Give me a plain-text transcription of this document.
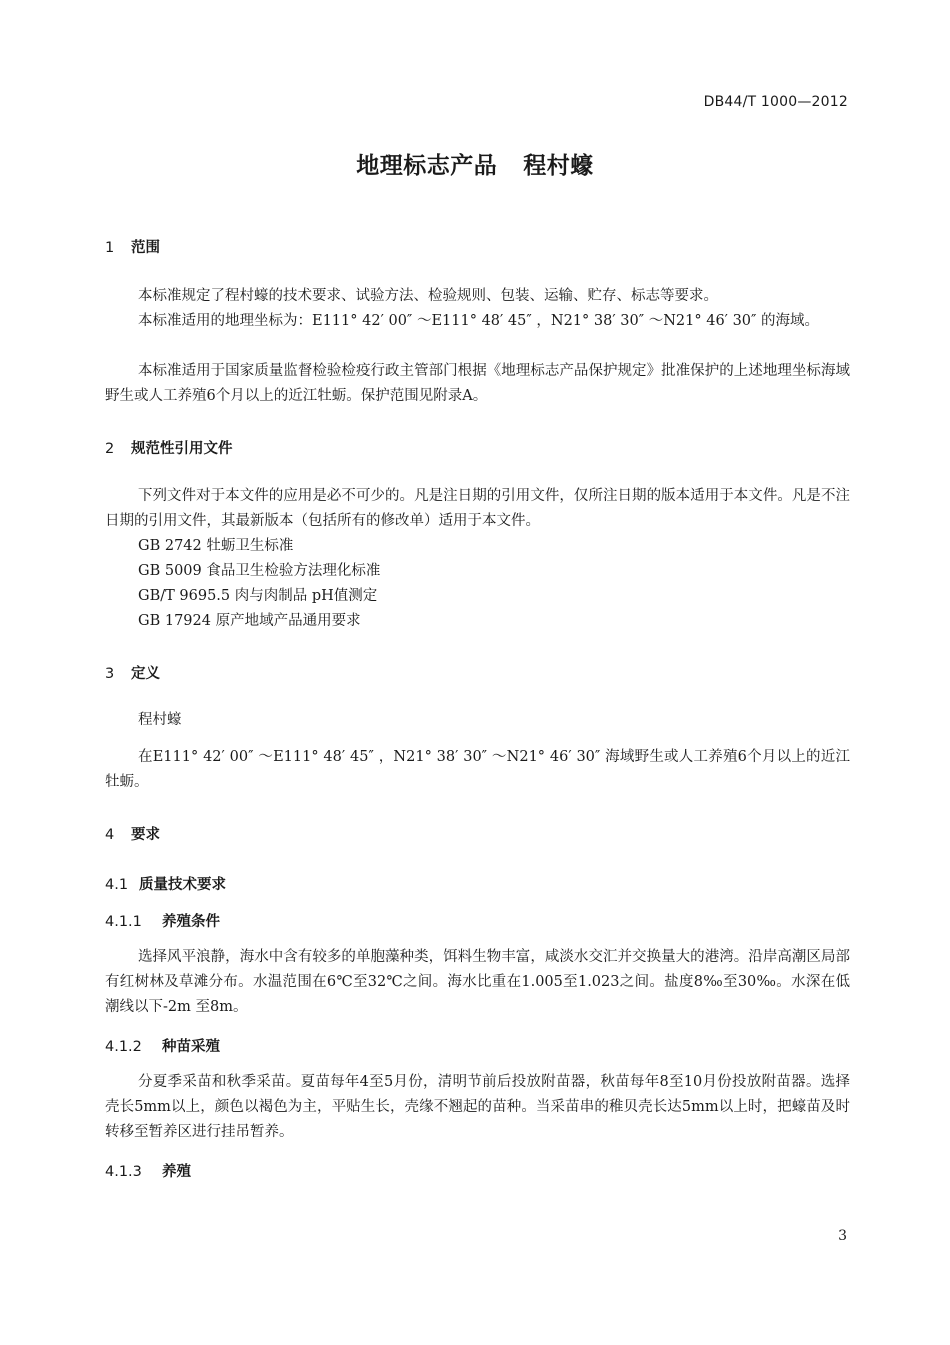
DB44/T 1000—2012
地理标志产品 程村蠔
1 范围
本标准规定了程村蠔的技术要求、试验方法、检验规则、包装、运输、贮存、标志等要求。
本标准适用的地理坐标为：E111° 42′ 00″ ～E111° 48′ 45″ ，N21° 38′ 30″ ～N21° 46′ 30″ 的海域。
本标准适用于国家质量监督检验检疫行政主管部门根据《地理标志产品保护规定》批准保护的上述地理坐标海域野生或人工养殖6个月以上的近江牡蛎。保护范围见附录A。
2 规范性引用文件
下列文件对于本文件的应用是必不可少的。凡是注日期的引用文件，仅所注日期的版本适用于本文件。凡是不注日期的引用文件，其最新版本（包括所有的修改单）适用于本文件。
GB 2742 牡蛎卫生标准
GB 5009 食品卫生检验方法理化标准
GB/T 9695.5 肉与肉制品 pH值测定
GB 17924 原产地域产品通用要求
3 定义
程村蠔
在E111° 42′ 00″ ～E111° 48′ 45″ ，N21° 38′ 30″ ～N21° 46′ 30″ 海域野生或人工养殖6个月以上的近江牡蛎。
4 要求
4.1 质量技术要求
4.1.1 养殖条件
选择风平浪静，海水中含有较多的单胞藻种类，饵料生物丰富，咸淡水交汇并交换量大的港湾。沿岸高潮区局部有红树林及草滩分布。水温范围在6℃至32℃之间。海水比重在1.005至1.023之间。盐度8‰至30‰。水深在低潮线以下-2m 至8m。
4.1.2 种苗采殖
分夏季采苗和秋季采苗。夏苗每年4至5月份，清明节前后投放附苗器，秋苗每年8至10月份投放附苗器。选择壳长5mm以上，颜色以褐色为主，平贴生长，壳缘不翘起的苗种。当采苗串的稚贝壳长达5mm以上时，把蠔苗及时转移至暂养区进行挂吊暂养。
4.1.3 养殖
3
